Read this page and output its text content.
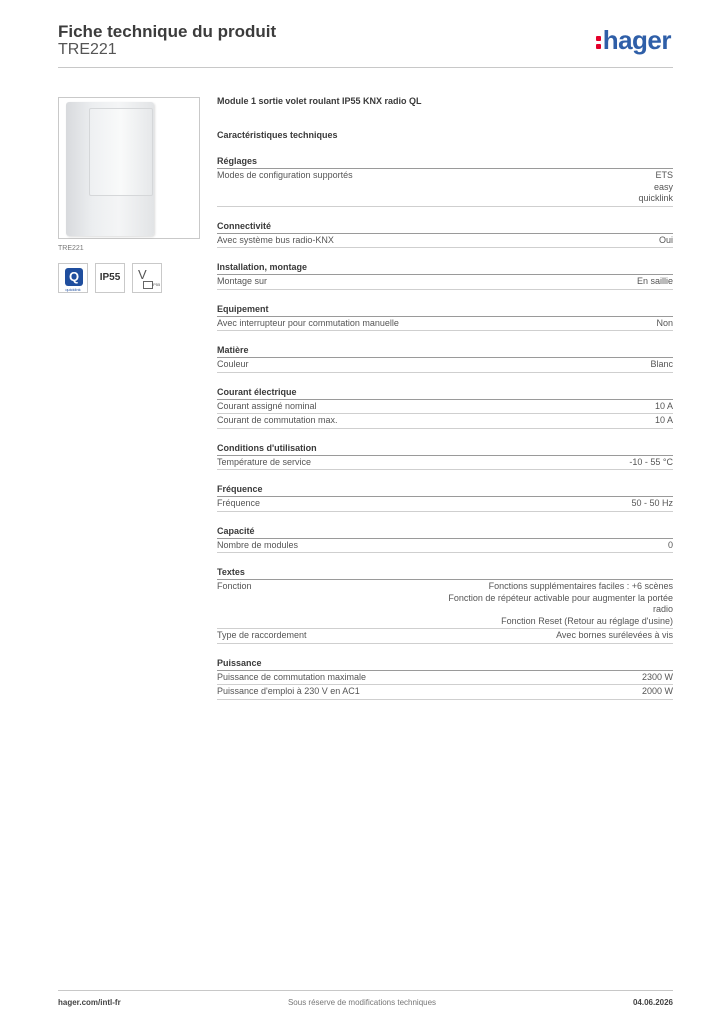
Fiche technique du produit
TRE221	hager
TRE221
Q
quicklink
IP55 V
IP55
Module 1 sortie volet roulant IP55 KNX radio QL
Caractéristiques techniques
Réglages
Modes de configuration supportés	ETS
easy
quicklink
Connectivité
Avec système bus radio-KNX	Oui
Installation, montage
Montage sur	En saillie
Equipement
Avec interrupteur pour commutation manuelle	Non
Matière
Couleur	Blanc
Courant électrique
Courant assigné nominal	10 A
Courant de commutation max.	10 A
Conditions d'utilisation
Température de service	-10 - 55 °C
Fréquence
Fréquence	50 - 50 Hz
Capacité
Nombre de modules	0
Textes
Fonction	Fonctions supplémentaires faciles : +6 scènes
Fonction de répéteur activable pour augmenter la portée
radio
Fonction Reset (Retour au réglage d'usine)
Type de raccordement	Avec bornes surélevées à vis
Puissance
Puissance de commutation maximale	2300 W
Puissance d'emploi à 230 V en AC1	2000 W
hager.com/intl-fr	Sous réserve de modifications techniques	04.06.2026
